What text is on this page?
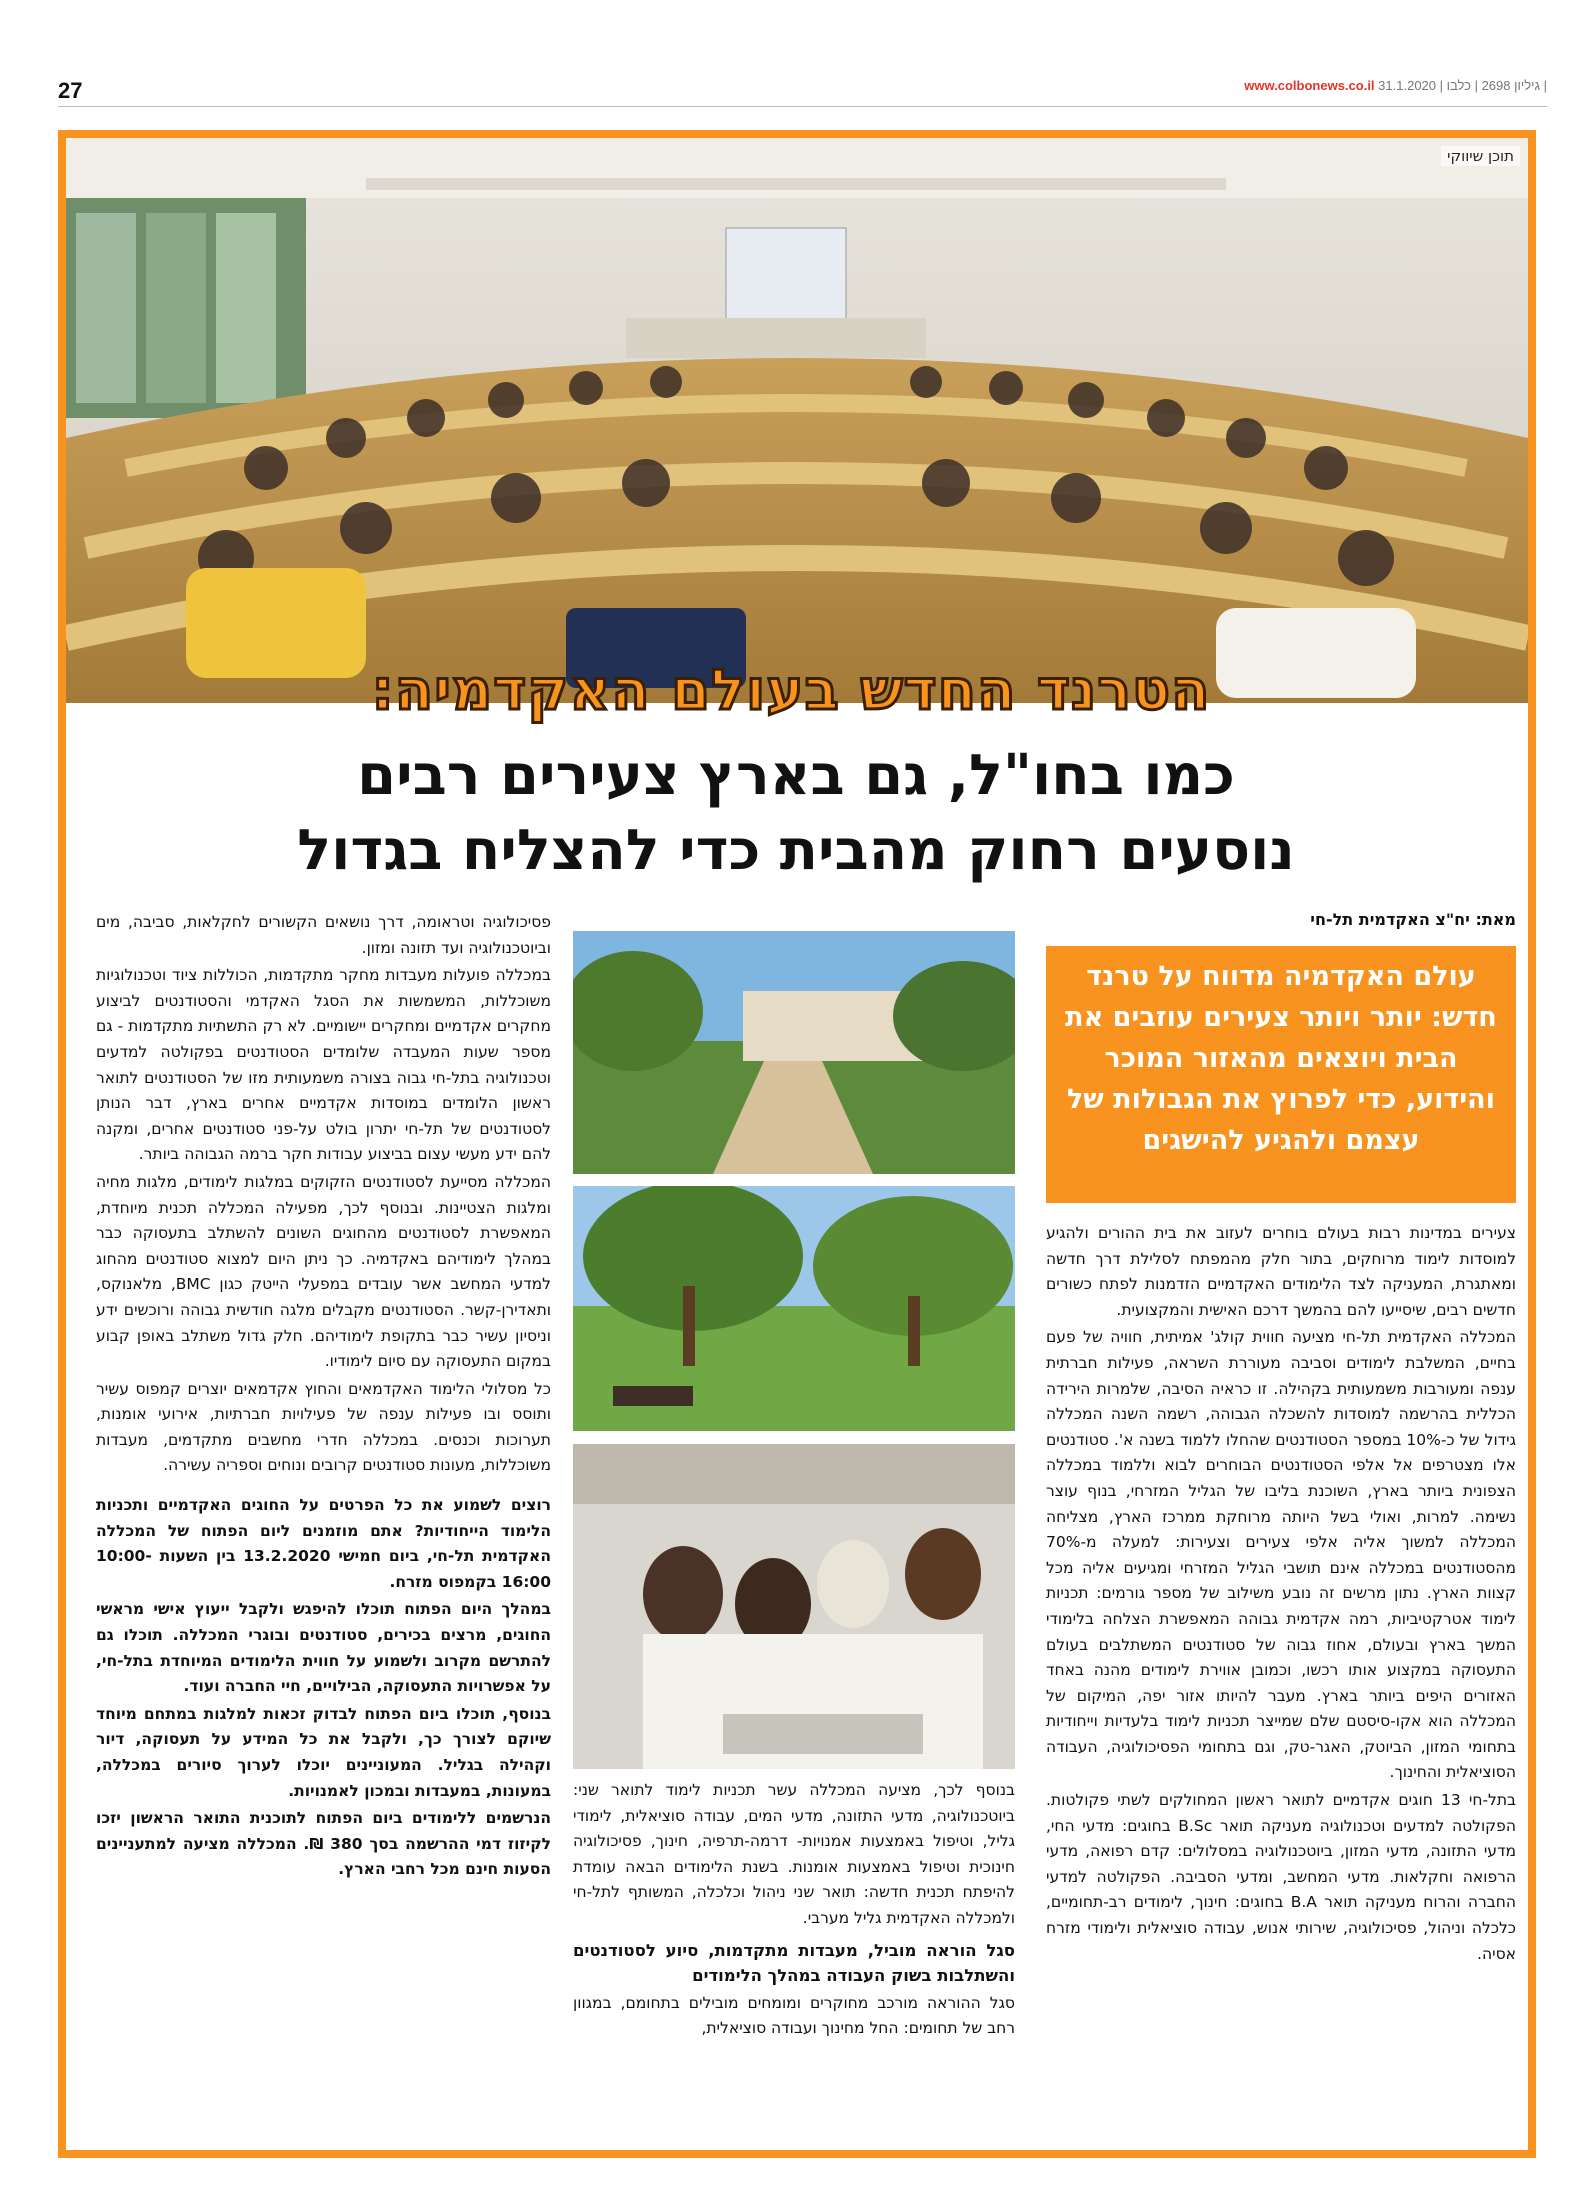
27	www.colbonews.co.il 31.1.2020 | גיליון 2698 | כלבו |
תוכן שיווקי
הטרנד החדש בעולם האקדמיה:
כמו בחו"ל, גם בארץ צעירים רבים
נוסעים רחוק מהבית כדי להצליח בגדול
מאת: יח"צ האקדמית תל-חי
עולם האקדמיה מדווח על טרנד חדש: יותר ויותר צעירים עוזבים את הבית ויוצאים מהאזור המוכר והידוע, כדי לפרוץ את הגבולות של עצמם ולהגיע להישגים

צעירים במדינות רבות בעולם בוחרים לעזוב את בית ההורים ולהגיע למוסדות לימוד מרוחקים, בתור חלק מהמפתח לסלילת דרך חדשה ומאתגרת, המעניקה לצד הלימודים האקדמיים הזדמנות לפתח כשורים חדשים רבים, שיסייעו להם בהמשך דרכם האישית והמקצועית.

המכללה האקדמית תל-חי מציעה חווית קולג' אמיתית, חוויה של פעם בחיים, המשלבת לימודים וסביבה מעוררת השראה, פעילות חברתית ענפה ומעורבות משמעותית בקהילה. זו כראיה הסיבה, שלמרות הירידה הכללית בהרשמה למוסדות להשכלה הגבוהה, רשמה השנה המכללה גידול של כ-10% במספר הסטודנטים שהחלו ללמוד בשנה א'. סטודנטים אלו מצטרפים אל אלפי הסטודנטים הבוחרים לבוא וללמוד במכללה הצפונית ביותר בארץ, השוכנת בליבו של הגליל המזרחי, בנוף עוצר נשימה. למרות, ואולי בשל היותה מרוחקת ממרכז הארץ, מצליחה המכללה למשוך אליה אלפי צעירים וצעירות: למעלה מ-70% מהסטודנטים במכללה אינם תושבי הגליל המזרחי ומגיעים אליה מכל קצוות הארץ. נתון מרשים זה נובע משילוב של מספר גורמים: תכניות לימוד אטרקטיביות, רמה אקדמית גבוהה המאפשרת הצלחה בלימודי המשך בארץ ובעולם, אחוז גבוה של סטודנטים המשתלבים בעולם התעסוקה במקצוע אותו רכשו, וכמובן אווירת לימודים מהנה באחד האזורים היפים ביותר בארץ. מעבר להיותו אזור יפה, המיקום של המכללה הוא אקו-סיסטם שלם שמייצר תכניות לימוד בלעדיות וייחודיות בתחומי המזון, הביוטק, האגר-טק, וגם בתחומי הפסיכולוגיה, העבודה הסוציאלית והחינוך.

בתל-חי 13 חוגים אקדמיים לתואר ראשון המחולקים לשתי פקולטות. הפקולטה למדעים וטכנולוגיה מעניקה תואר B.Sc בחוגים: מדעי החי, מדעי התזונה, מדעי המזון, ביוטכנולוגיה במסלולים: קדם רפואה, מדעי הרפואה וחקלאות. מדעי המחשב, ומדעי הסביבה. הפקולטה למדעי החברה והרוח מעניקה תואר B.A בחוגים: חינוך, לימודים רב-תחומיים, כלכלה וניהול, פסיכולוגיה, שירותי אנוש, עבודה סוציאלית ולימודי מזרח אסיה.

בנוסף לכך, מציעה המכללה עשר תכניות לימוד לתואר שני: ביוטכנולוגיה, מדעי התזונה, מדעי המים, עבודה סוציאלית, לימודי גליל, וטיפול באמצעות אמנויות- דרמה-תרפיה, חינוך, פסיכולוגיה חינוכית וטיפול באמצעות אומנות. בשנת הלימודים הבאה עומדת להיפתח תכנית חדשה: תואר שני ניהול וכלכלה, המשותף לתל-חי ולמכללה האקדמית גליל מערבי.

סגל הוראה מוביל, מעבדות מתקדמות, סיוע לסטודנטים והשתלבות בשוק העבודה במהלך הלימודים

סגל ההוראה מורכב מחוקרים ומומחים מובילים בתחומם, במגוון רחב של תחומים: החל מחינוך ועבודה סוציאלית,

פסיכולוגיה וטראומה, דרך נושאים הקשורים לחקלאות, סביבה, מים וביוטכנולוגיה ועד תזונה ומזון.

במכללה פועלות מעבדות מחקר מתקדמות, הכוללות ציוד וטכנולוגיות משוכללות, המשמשות את הסגל האקדמי והסטודנטים לביצוע מחקרים אקדמיים ומחקרים יישומיים. לא רק התשתיות מתקדמות - גם מספר שעות המעבדה שלומדים הסטודנטים בפקולטה למדעים וטכנולוגיה בתל-חי גבוה בצורה משמעותית מזו של הסטודנטים לתואר ראשון הלומדים במוסדות אקדמיים אחרים בארץ, דבר הנותן לסטודנטים של תל-חי יתרון בולט על-פני סטודנטים אחרים, ומקנה להם ידע מעשי עצום בביצוע עבודות חקר ברמה הגבוהה ביותר.

המכללה מסייעת לסטודנטים הזקוקים במלגות לימודים, מלגות מחיה ומלגות הצטיינות. ובנוסף לכך, מפעילה המכללה תכנית מיוחדת, המאפשרת לסטודנטים מהחוגים השונים להשתלב בתעסוקה כבר במהלך לימודיהם באקדמיה. כך ניתן היום למצוא סטודנטים מהחוג למדעי המחשב אשר עובדים במפעלי הייטק כגון BMC, מלאנוקס, ותאדירן-קשר. הסטודנטים מקבלים מלגה חודשית גבוהה ורוכשים ידע וניסיון עשיר כבר בתקופת לימודיהם. חלק גדול משתלב באופן קבוע במקום התעסוקה עם סיום לימודיו.

כל מסלולי הלימוד האקדמאים והחוץ אקדמאים יוצרים קמפוס עשיר ותוסס ובו פעילות ענפה של פעילויות חברתיות, אירועי אומנות, תערוכות וכנסים. במכללה חדרי מחשבים מתקדמים, מעבדות משוכללות, מעונות סטודנטים קרובים ונוחים וספריה עשירה.

רוצים לשמוע את כל הפרטים על החוגים האקדמיים ותכניות הלימוד הייחודיות? אתם מוזמנים ליום הפתוח של המכללה האקדמית תל-חי, ביום חמישי 13.2.2020 בין השעות 10:00-16:00 בקמפוס מזרח.

במהלך היום הפתוח תוכלו להיפגש ולקבל ייעוץ אישי מראשי החוגים, מרצים בכירים, סטודנטים ובוגרי המכללה. תוכלו גם להתרשם מקרוב ולשמוע על חווית הלימודים המיוחדת בתל-חי, על אפשרויות התעסוקה, הבילויים, חיי החברה ועוד.

בנוסף, תוכלו ביום הפתוח לבדוק זכאות למלגות במתחם מיוחד שיוקם לצורך כך, ולקבל את כל המידע על תעסוקה, דיור וקהילה בגליל. המעוניינים יוכלו לערוך סיורים במכללה, במעונות, במעבדות ובמכון לאמנויות.

הנרשמים ללימודים ביום הפתוח לתוכנית התואר הראשון יזכו לקיזוז דמי ההרשמה בסך 380 ₪. המכללה מציעה למתעניינים הסעות חינם מכל רחבי הארץ.
